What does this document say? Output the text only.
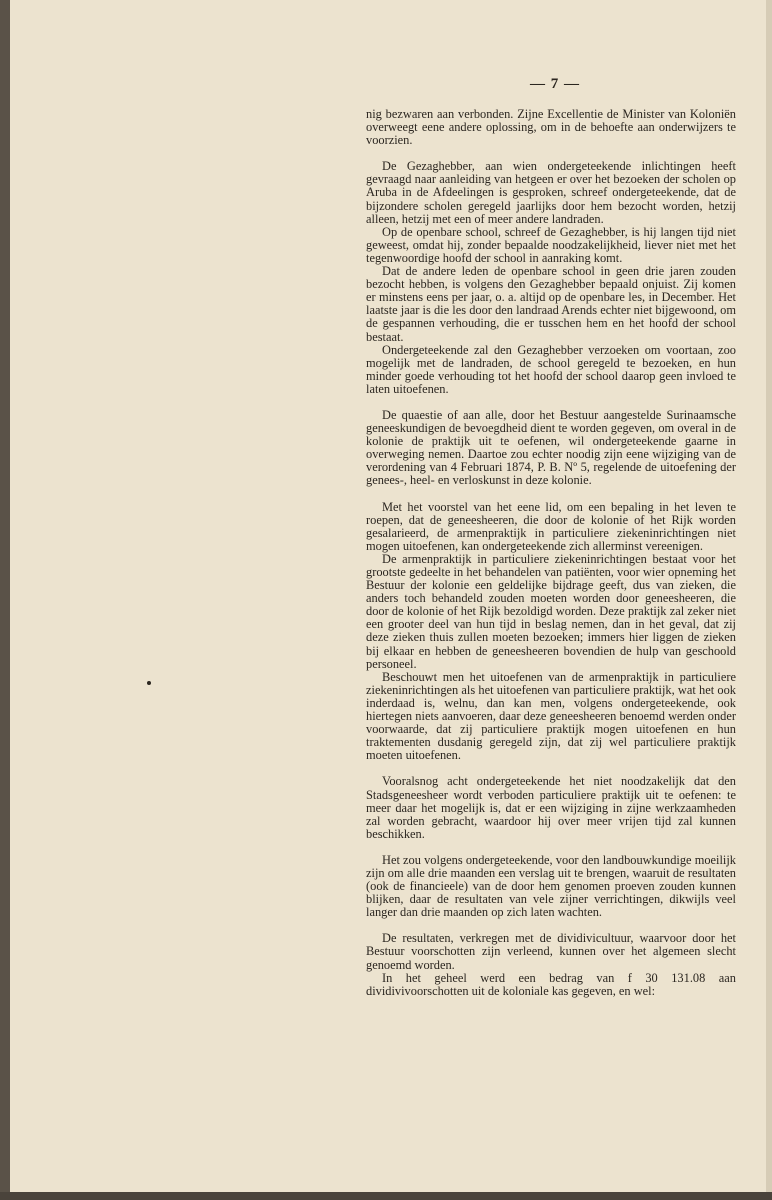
— 7 —

nig bezwaren aan verbonden. Zijne Excellentie de Minister van Koloniën overweegt eene andere oplossing, om in de behoefte aan onderwijzers te voorzien.

De Gezaghebber, aan wien ondergeteekende inlichtingen heeft gevraagd naar aanleiding van hetgeen er over het bezoeken der scholen op Aruba in de Afdeelingen is gesproken, schreef ondergeteekende, dat de bijzondere scholen geregeld jaarlijks door hem bezocht worden, hetzij alleen, hetzij met een of meer andere landraden.

Op de openbare school, schreef de Gezaghebber, is hij langen tijd niet geweest, omdat hij, zonder bepaalde noodzakelijkheid, liever niet met het tegenwoordige hoofd der school in aanraking komt.

Dat de andere leden de openbare school in geen drie jaren zouden bezocht hebben, is volgens den Gezaghebber bepaald onjuist. Zij komen er minstens eens per jaar, o. a. altijd op de openbare les, in December. Het laatste jaar is die les door den landraad Arends echter niet bijgewoond, om de gespannen verhouding, die er tusschen hem en het hoofd der school bestaat.

Ondergeteekende zal den Gezaghebber verzoeken om voortaan, zoo mogelijk met de landraden, de school geregeld te bezoeken, en hun minder goede verhouding tot het hoofd der school daarop geen invloed te laten uitoefenen.

De quaestie of aan alle, door het Bestuur aangestelde Surinaamsche geneeskundigen de bevoegdheid dient te worden gegeven, om overal in de kolonie de praktijk uit te oefenen, wil ondergeteekende gaarne in overweging nemen. Daartoe zou echter noodig zijn eene wijziging van de verordening van 4 Februari 1874, P. B. Nº 5, regelende de uitoefening der genees-, heel- en verloskunst in deze kolonie.

Met het voorstel van het eene lid, om een bepaling in het leven te roepen, dat de geneesheeren, die door de kolonie of het Rijk worden gesalarieerd, de armenpraktijk in particuliere ziekeninrichtingen niet mogen uitoefenen, kan ondergeteekende zich allerminst vereenigen.

De armenpraktijk in particuliere ziekeninrichtingen bestaat voor het grootste gedeelte in het behandelen van patiënten, voor wier opneming het Bestuur der kolonie een geldelijke bijdrage geeft, dus van zieken, die anders toch behandeld zouden moeten worden door geneesheeren, die door de kolonie of het Rijk bezoldigd worden. Deze praktijk zal zeker niet een grooter deel van hun tijd in beslag nemen, dan in het geval, dat zij deze zieken thuis zullen moeten bezoeken; immers hier liggen de zieken bij elkaar en hebben de geneesheeren bovendien de hulp van geschoold personeel.

Beschouwt men het uitoefenen van de armenpraktijk in particuliere ziekeninrichtingen als het uitoefenen van particuliere praktijk, wat het ook inderdaad is, welnu, dan kan men, volgens ondergeteekende, ook hiertegen niets aanvoeren, daar deze geneesheeren benoemd werden onder voorwaarde, dat zij particuliere praktijk mogen uitoefenen en hun traktementen dusdanig geregeld zijn, dat zij wel particuliere praktijk moeten uitoefenen.

Vooralsnog acht ondergeteekende het niet noodzakelijk dat den Stadsgeneesheer wordt verboden particuliere praktijk uit te oefenen: te meer daar het mogelijk is, dat er een wijziging in zijne werkzaamheden zal worden gebracht, waardoor hij over meer vrijen tijd zal kunnen beschikken.

Het zou volgens ondergeteekende, voor den landbouwkundige moeilijk zijn om alle drie maanden een verslag uit te brengen, waaruit de resultaten (ook de financieele) van de door hem genomen proeven zouden kunnen blijken, daar de resultaten van vele zijner verrichtingen, dikwijls veel langer dan drie maanden op zich laten wachten.

De resultaten, verkregen met de dividivicultuur, waarvoor door het Bestuur voorschotten zijn verleend, kunnen over het algemeen slecht genoemd worden.

In het geheel werd een bedrag van f 30 131.08 aan dividivivoorschotten uit de koloniale kas gegeven, en wel:
